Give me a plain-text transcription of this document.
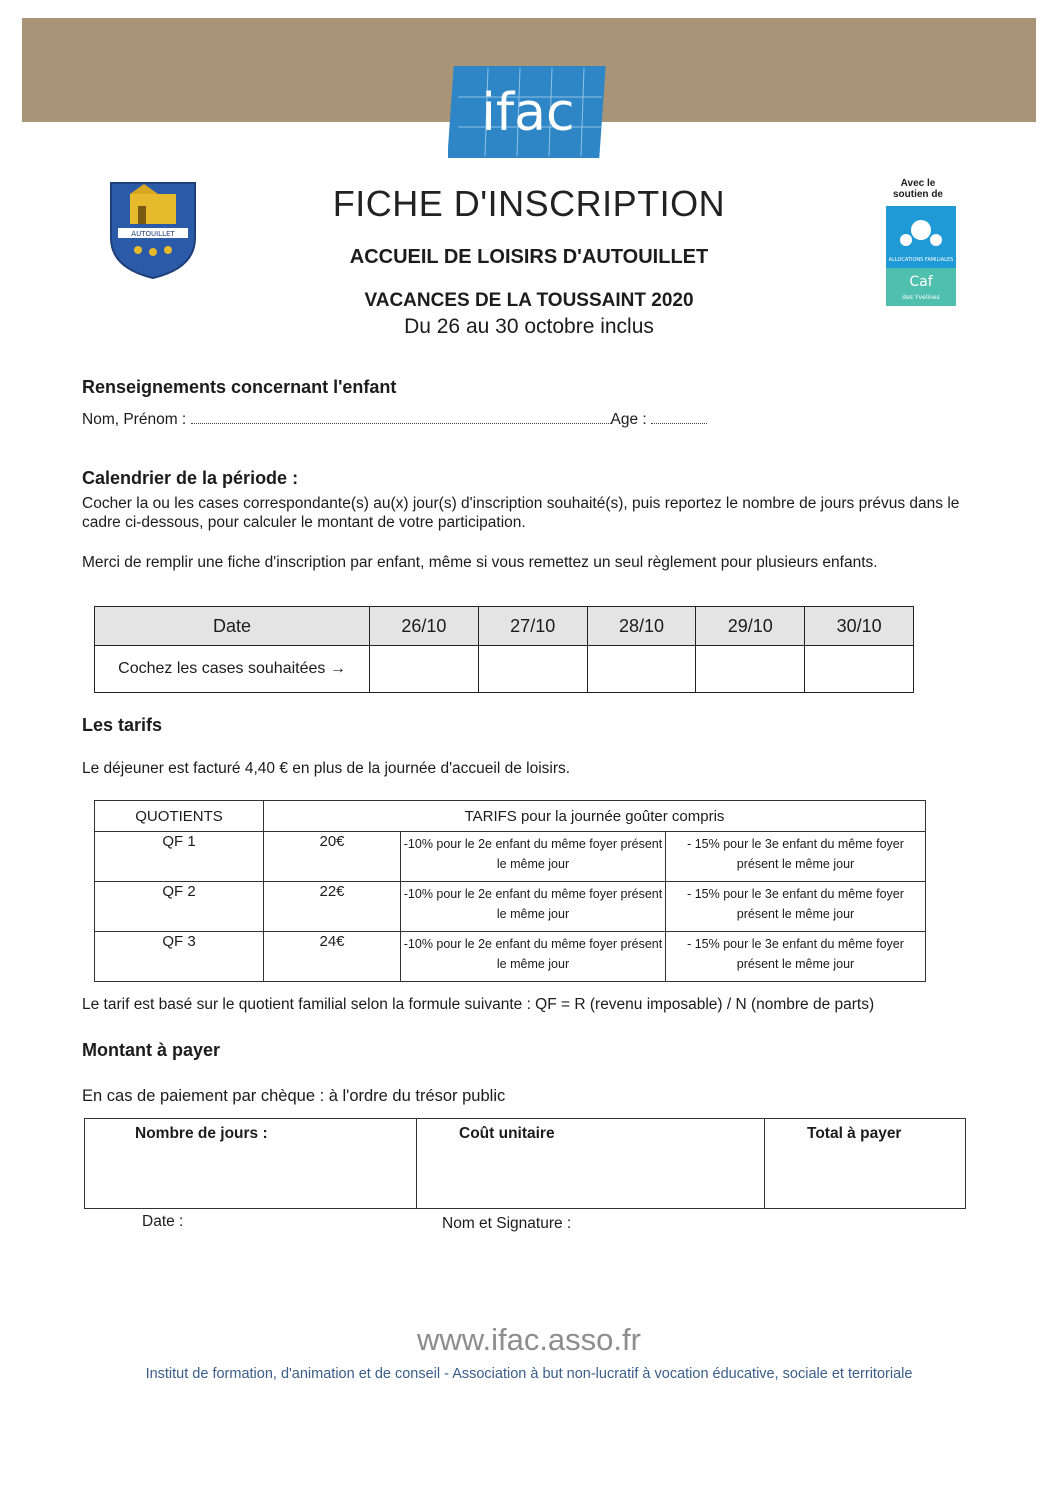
ifac
AUTOUILLET
Avec le soutien de
ALLOCATIONS FAMILIALES
Caf
des Yvelines
FICHE D'INSCRIPTION
ACCUEIL DE LOISIRS D'AUTOUILLET
VACANCES DE LA TOUSSAINT 2020
Du 26 au 30 octobre inclus
Renseignements concernant l'enfant
Nom, Prénom :	Age :
Calendrier de la période :
Cocher la ou les cases correspondante(s) au(x) jour(s) d'inscription souhaité(s), puis reportez le nombre de jours prévus dans le cadre ci-dessous, pour calculer le montant de votre participation.
Merci de remplir une fiche d'inscription par enfant, même si vous remettez un seul règlement pour plusieurs enfants.
Date	26/10	27/10	28/10	29/10	30/10
Cochez les cases souhaitées →					
Les tarifs
Le déjeuner est facturé 4,40 € en plus de la journée d'accueil de loisirs.
QUOTIENTS	TARIFS pour la journée goûter compris		
QF 1	20€	-10% pour le 2e enfant du même foyer présent le même jour	- 15% pour le 3e enfant du même foyer présent le même jour
QF 2	22€	-10% pour le 2e enfant du même foyer présent le même jour	- 15% pour le 3e enfant du même foyer présent le même jour
QF 3	24€	-10% pour le 2e enfant du même foyer présent le même jour	- 15% pour le 3e enfant du même foyer présent le même jour
Le tarif est basé sur le quotient familial selon la formule suivante : QF = R (revenu imposable) / N (nombre de parts)
Montant à payer
En cas de paiement par chèque : à l'ordre du trésor public
Nombre de jours :	Coût unitaire	Total à payer
Date :	Nom et Signature :
www.ifac.asso.fr
Institut de formation, d'animation et de conseil - Association à but non-lucratif à vocation éducative, sociale et territoriale
